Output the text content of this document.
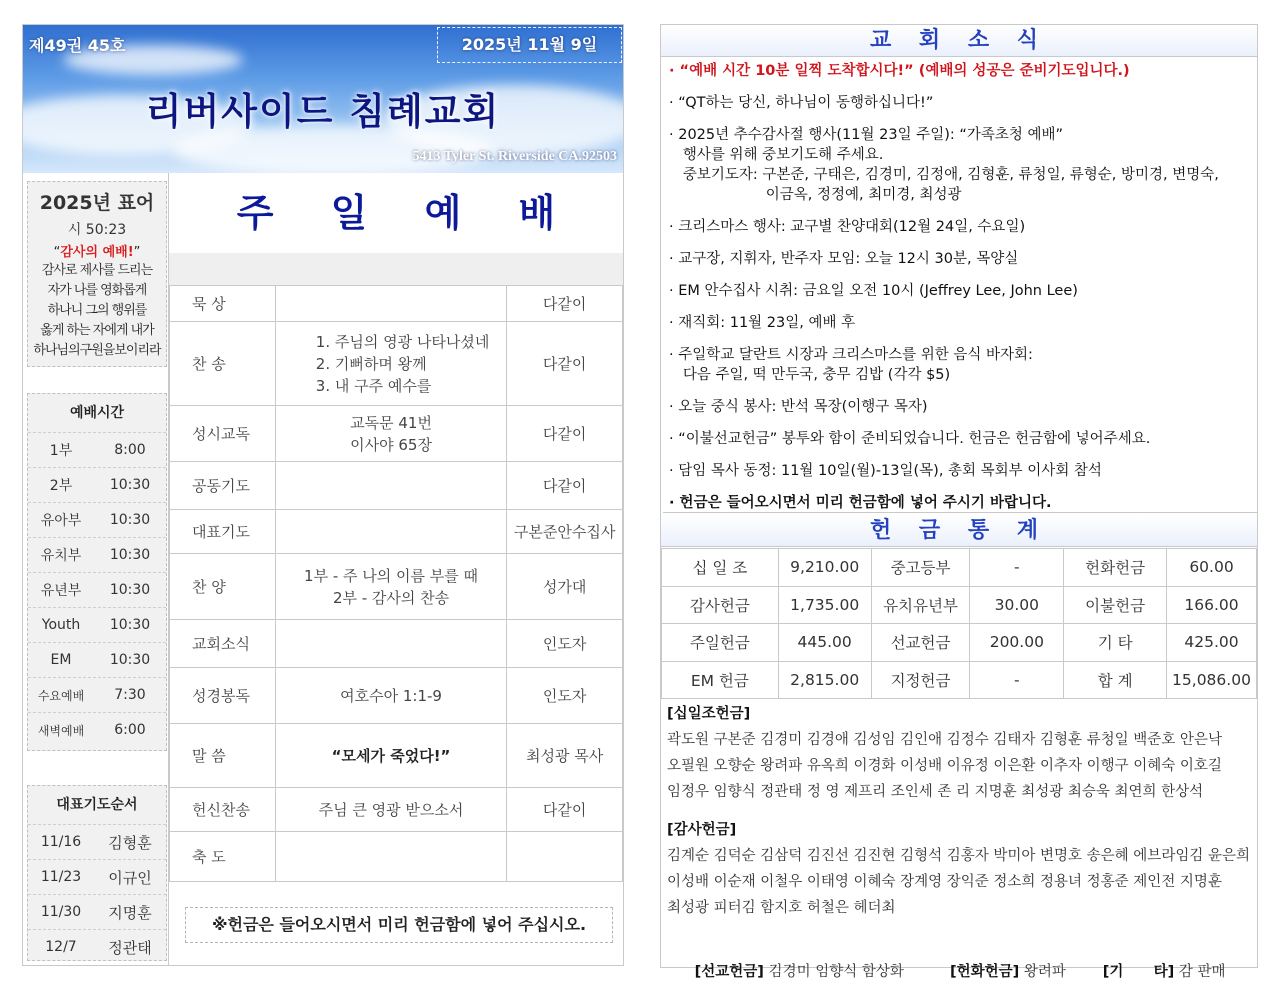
제49권 45호	2025년 11월 9일
리버사이드 침례교회
5413 Tyler St. Riverside CA.92503
2025년 표어
시 50:23
“감사의 예배!”
감사로 제사를 드리는
자가 나를 영화롭게
하나니 그의 행위를
옳게 하는 자에게 내가
하나님의구원을보이리라
예배시간
1부	8:00
2부	10:30
유아부	10:30
유치부	10:30
유년부	10:30
Youth	10:30
EM	10:30
수요예배	7:30
새벽예배	6:00
대표기도순서
11/16	김형훈
11/23	이규인
11/30	지명훈
12/7	정관태
주 일 예 배
묵 상		다같이
찬 송	1. 주님의 영광 나타나셨네
2. 기뻐하며 왕께
3. 내 구주 예수를	다같이
성시교독	교독문 41번
이사야 65장	다같이
공동기도		다같이
대표기도		구본준안수집사
찬 양	1부 - 주 나의 이름 부를 때
2부 - 감사의 찬송	성가대
교회소식		인도자
성경봉독	여호수아 1:1-9	인도자
말 씀	“모세가 죽었다!”	최성광 목사
헌신찬송	주님 큰 영광 받으소서	다같이
축 도		
※헌금은 들어오시면서 미리 헌금함에 넣어 주십시오.
교 회 소 식
· “예배 시간 10분 일찍 도착합시다!” (예배의 성공은 준비기도입니다.)
· “QT하는 당신, 하나님이 동행하십니다!”
· 2025년 추수감사절 행사(11월 23일 주일): “가족초청 예배”
행사를 위해 중보기도해 주세요.
중보기도자: 구본준, 구태은, 김경미, 김정애, 김형훈, 류청일, 류형순, 방미경, 변명숙,
이금옥, 정정예, 최미경, 최성광
· 크리스마스 행사: 교구별 찬양대회(12월 24일, 수요일)
· 교구장, 지휘자, 반주자 모임: 오늘 12시 30분, 목양실
· EM 안수집사 시취: 금요일 오전 10시 (Jeffrey Lee, John Lee)
· 재직회: 11월 23일, 예배 후
· 주일학교 달란트 시장과 크리스마스를 위한 음식 바자회:
다음 주일, 떡 만두국, 충무 김밥 (각각 $5)
· 오늘 중식 봉사: 반석 목장(이행구 목자)
· “이불선교헌금” 봉투와 함이 준비되었습니다. 헌금은 헌금함에 넣어주세요.
· 담임 목사 동정: 11월 10일(월)-13일(목), 총회 목회부 이사회 참석
· 헌금은 들어오시면서 미리 헌금함에 넣어 주시기 바랍니다.
헌 금 통 계
십 일 조	9,210.00	중고등부	-	헌화헌금	60.00
감사헌금	1,735.00	유치유년부	30.00	이불헌금	166.00
주일헌금	445.00	선교헌금	200.00	기 타	425.00
EM 헌금	2,815.00	지정헌금	-	합 계	15,086.00
[십일조헌금]
곽도원 구본준 김경미 김경애 김성임 김인애 김정수 김태자 김형훈 류청일 백준호 안은낙
오필원 오향순 왕려파 유옥희 이경화 이성배 이유정 이은환 이추자 이행구 이혜숙 이호길
임정우 임향식 정관태 정 영 제프리 조인세 존 리 지명훈 최성광 최승욱 최연희 한상석
[감사헌금]
김계순 김덕순 김삼덕 김진선 김진현 김형석 김홍자 박미아 변명호 송은혜 에브라임김 윤은희
이성배 이순재 이철우 이태영 이혜숙 장계영 장익준 정소희 정용녀 정홍준 제인전 지명훈
최성광 피터김 함지호 허철은 헤더최

[선교헌금] 김경미 임향식 함상화	[헌화헌금] 왕려파	[기      타] 감 판매
